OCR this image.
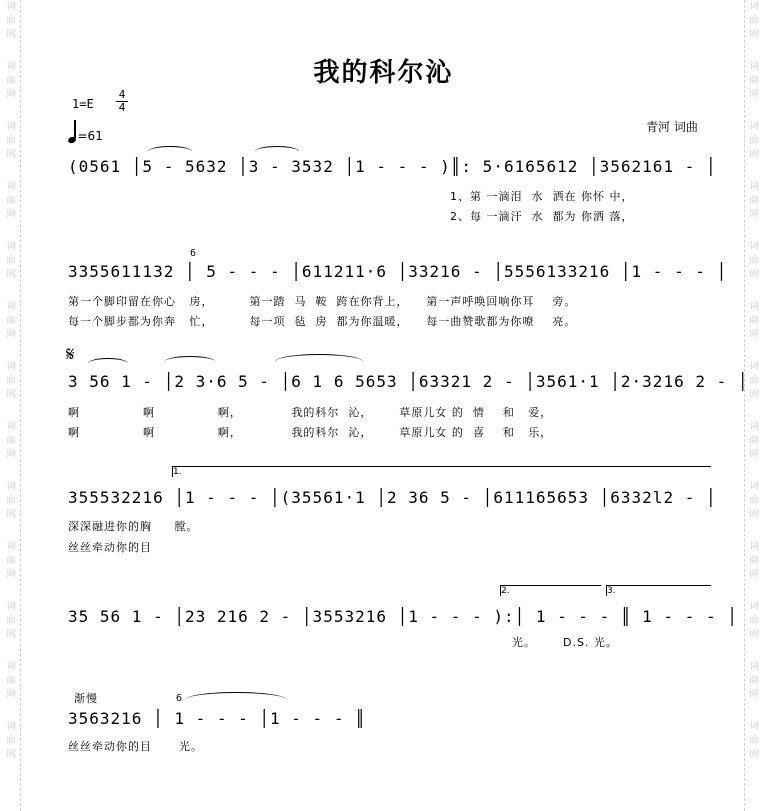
词
曲
网
词
曲
网
词
曲
网
词
曲
网
词
曲
网
词
曲
网
词
曲
网
词
曲
网
词
曲
网
词
曲
网
词
曲
网
词
曲
网
词
曲
网
词
曲
网
词
曲
网
词
曲
网
词
曲
网
词
曲
网
词
曲
网
词
曲
网
词
曲
网
词
曲
网
词
曲
网
词
曲
网
词
曲
网
词
曲
网
我的科尔沁
1=E
4
4
=61
青河 词曲
(0561 │5 - 5632 │3 - 3532 │1 - - - )║: 5·6165612 │3562161 - │
1、第 一滴泪  水  洒在 你怀 中，
2、每 一滴汗  水  都为 你洒 落，
6
3355611132 │ 5 - - - │611211·6 │33216 - │5556133216 │1 - - - │
第一个脚印留在你心   房，        第一踏  马  鞍  跨在你背上，    第一声呼唤回响你耳    旁。
每一个脚步都为你奔   忙，        每一项  毡  房  都为你温暖，    每一曲赞歌都为你嘹    亮。
𝄋
3 56 1 - │2 3·6 5 - │6 1 6 5653 │63321 2 - │3561·1 │2·3216 2 - │
啊              啊              啊，           我的科尔  沁，      草原儿女 的  情    和   爱，
啊              啊              啊，           我的科尔  沁，      草原儿女 的  喜    和   乐，
1.
355532216 │1 - - - │(35561·1 │2 36 5 - │611165653 │6332l2 - │
深深融进你的胸     膛。
丝丝牵动你的目
2.	3.
35 56 1 - │23 216 2 - │3553216 │1 - - - ):│ 1 - - - ║ 1 - - - │
光。      D.S. 光。
渐慢	6
3563216 │ 1 - - - │1 - - - ║
丝丝牵动你的目      光。
